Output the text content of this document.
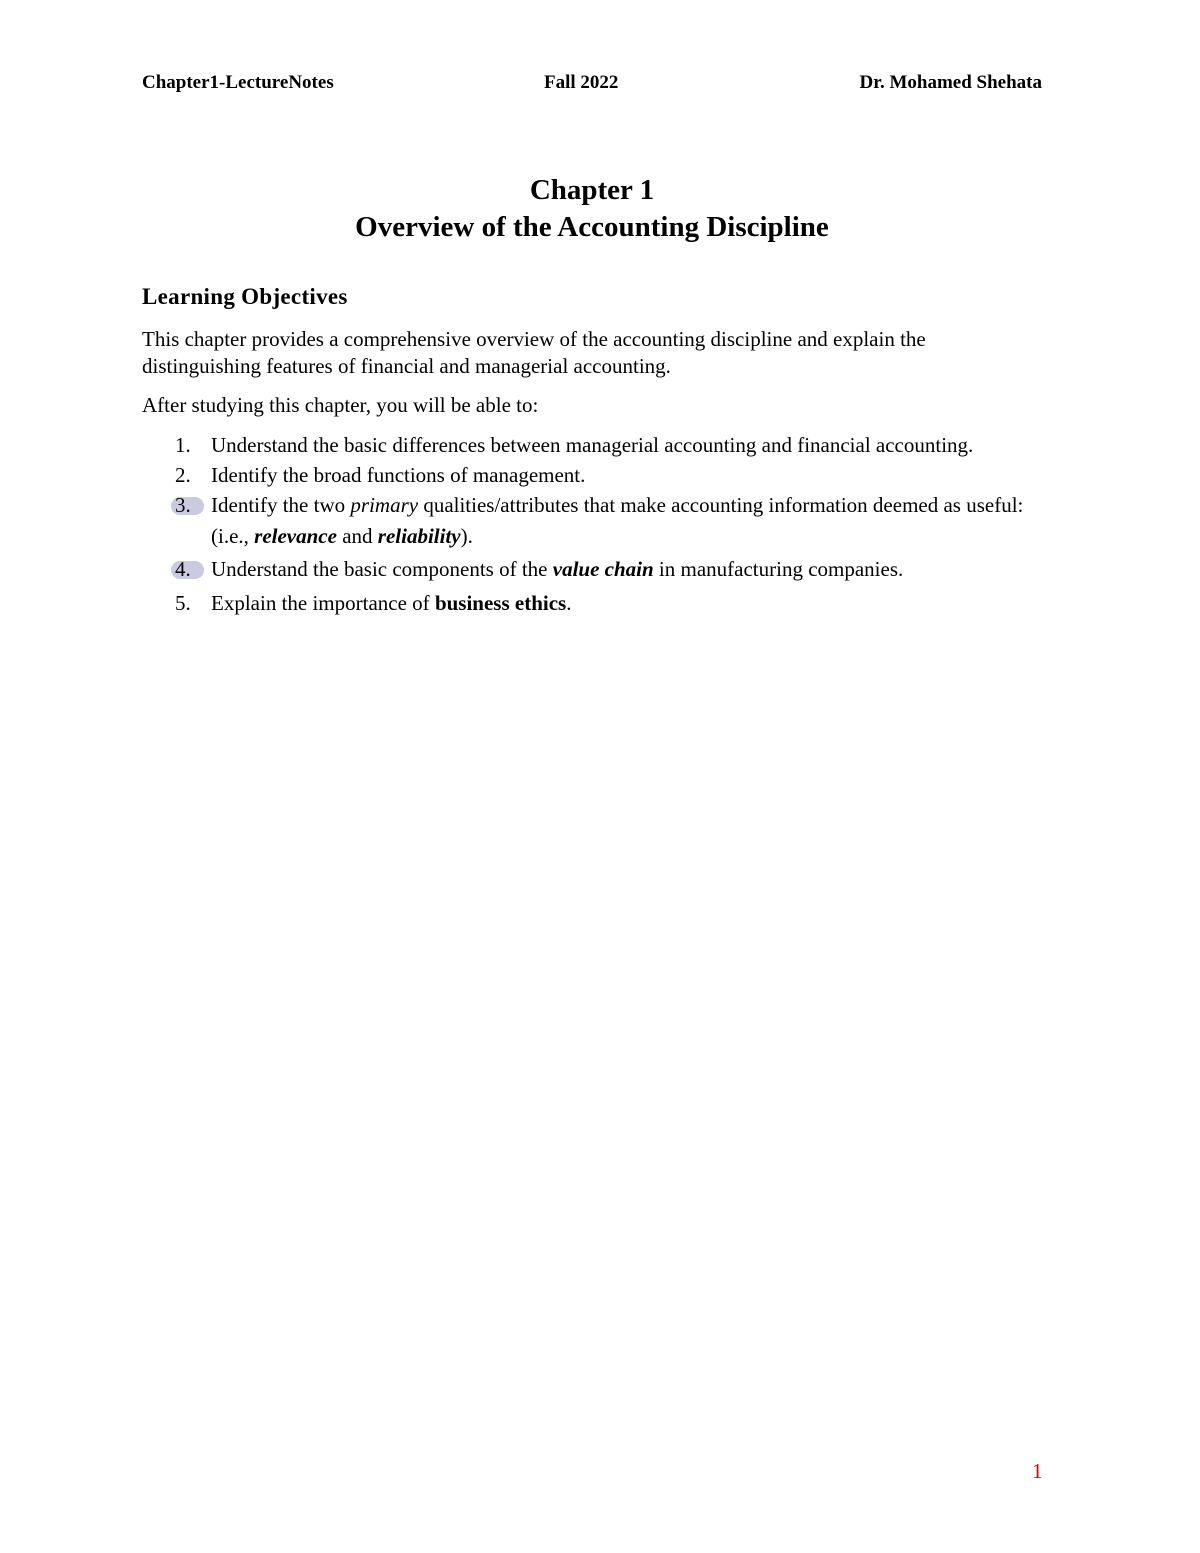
Chapter1-LectureNotes	Fall 2022	Dr. Mohamed Shehata
Chapter 1
Overview of the Accounting Discipline
Learning Objectives

This chapter provides a comprehensive overview of the accounting discipline and explain the distinguishing features of financial and managerial accounting.

After studying this chapter, you will be able to:

1. Understand the basic differences between managerial accounting and financial accounting.
2. Identify the broad functions of management.
3. Identify the two primary qualities/attributes that make accounting information deemed as useful: (i.e., relevance and reliability).
4. Understand the basic components of the value chain in manufacturing companies.
5. Explain the importance of business ethics.
1
